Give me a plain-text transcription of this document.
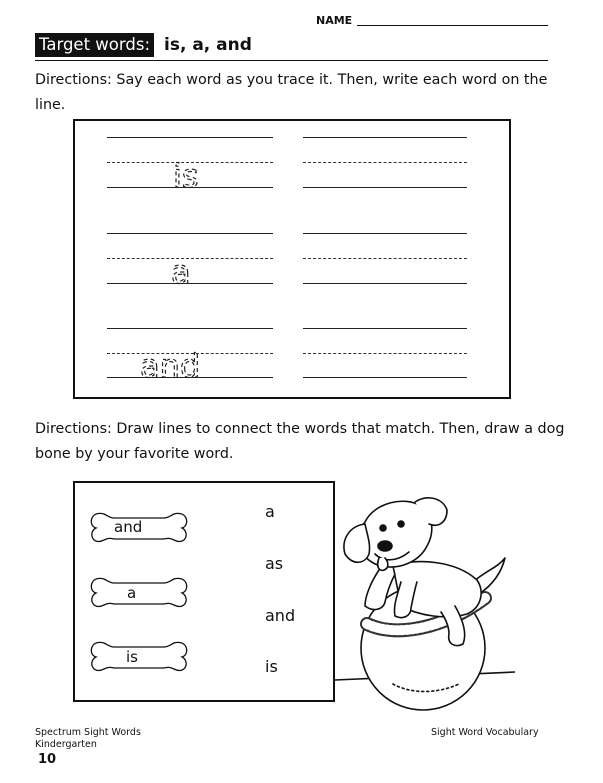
NAME
Target words: is, a, and
Directions: Say each word as you trace it. Then, write each word on the line.
is
a
and
Directions: Draw lines to connect the words that match. Then, draw a dog bone by your favorite word.
and
a
is
a
as
and
is
Spectrum Sight Words
Kindergarten
Sight Word Vocabulary
10
